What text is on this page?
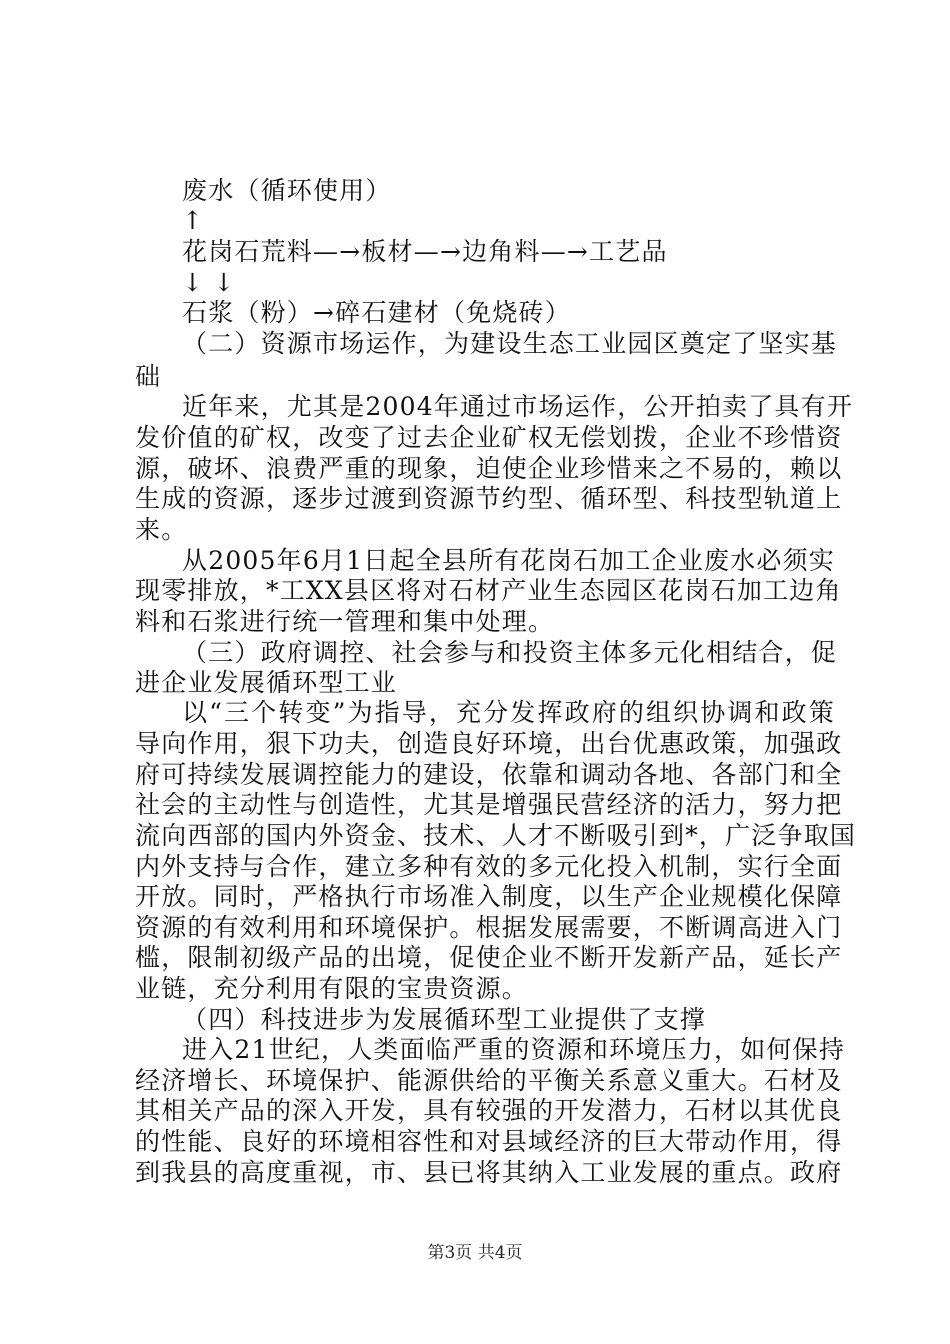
废水（循环使用）
↑
花岗石荒料—→板材—→边角料—→工艺品
↓ ↓
石浆（粉）→碎石建材（免烧砖）
（二）资源市场运作，为建设生态工业园区奠定了坚实基
础
近年来，尤其是2004年通过市场运作，公开拍卖了具有开
发价值的矿权，改变了过去企业矿权无偿划拨，企业不珍惜资
源，破坏、浪费严重的现象，迫使企业珍惜来之不易的，赖以
生成的资源，逐步过渡到资源节约型、循环型、科技型轨道上
来。
从2005年6月1日起全县所有花岗石加工企业废水必须实
现零排放，*工XX县区将对石材产业生态园区花岗石加工边角
料和石浆进行统一管理和集中处理。
（三）政府调控、社会参与和投资主体多元化相结合，促
进企业发展循环型工业
以“三个转变”为指导，充分发挥政府的组织协调和政策
导向作用，狠下功夫，创造良好环境，出台优惠政策，加强政
府可持续发展调控能力的建设，依靠和调动各地、各部门和全
社会的主动性与创造性，尤其是增强民营经济的活力，努力把
流向西部的国内外资金、技术、人才不断吸引到*，广泛争取国
内外支持与合作，建立多种有效的多元化投入机制，实行全面
开放。同时，严格执行市场准入制度，以生产企业规模化保障
资源的有效利用和环境保护。根据发展需要，不断调高进入门
槛，限制初级产品的出境，促使企业不断开发新产品，延长产
业链，充分利用有限的宝贵资源。
（四）科技进步为发展循环型工业提供了支撑
进入21世纪，人类面临严重的资源和环境压力，如何保持
经济增长、环境保护、能源供给的平衡关系意义重大。石材及
其相关产品的深入开发，具有较强的开发潜力，石材以其优良
的性能、良好的环境相容性和对县域经济的巨大带动作用，得
到我县的高度重视，市、县已将其纳入工业发展的重点。政府
第3页 共4页
